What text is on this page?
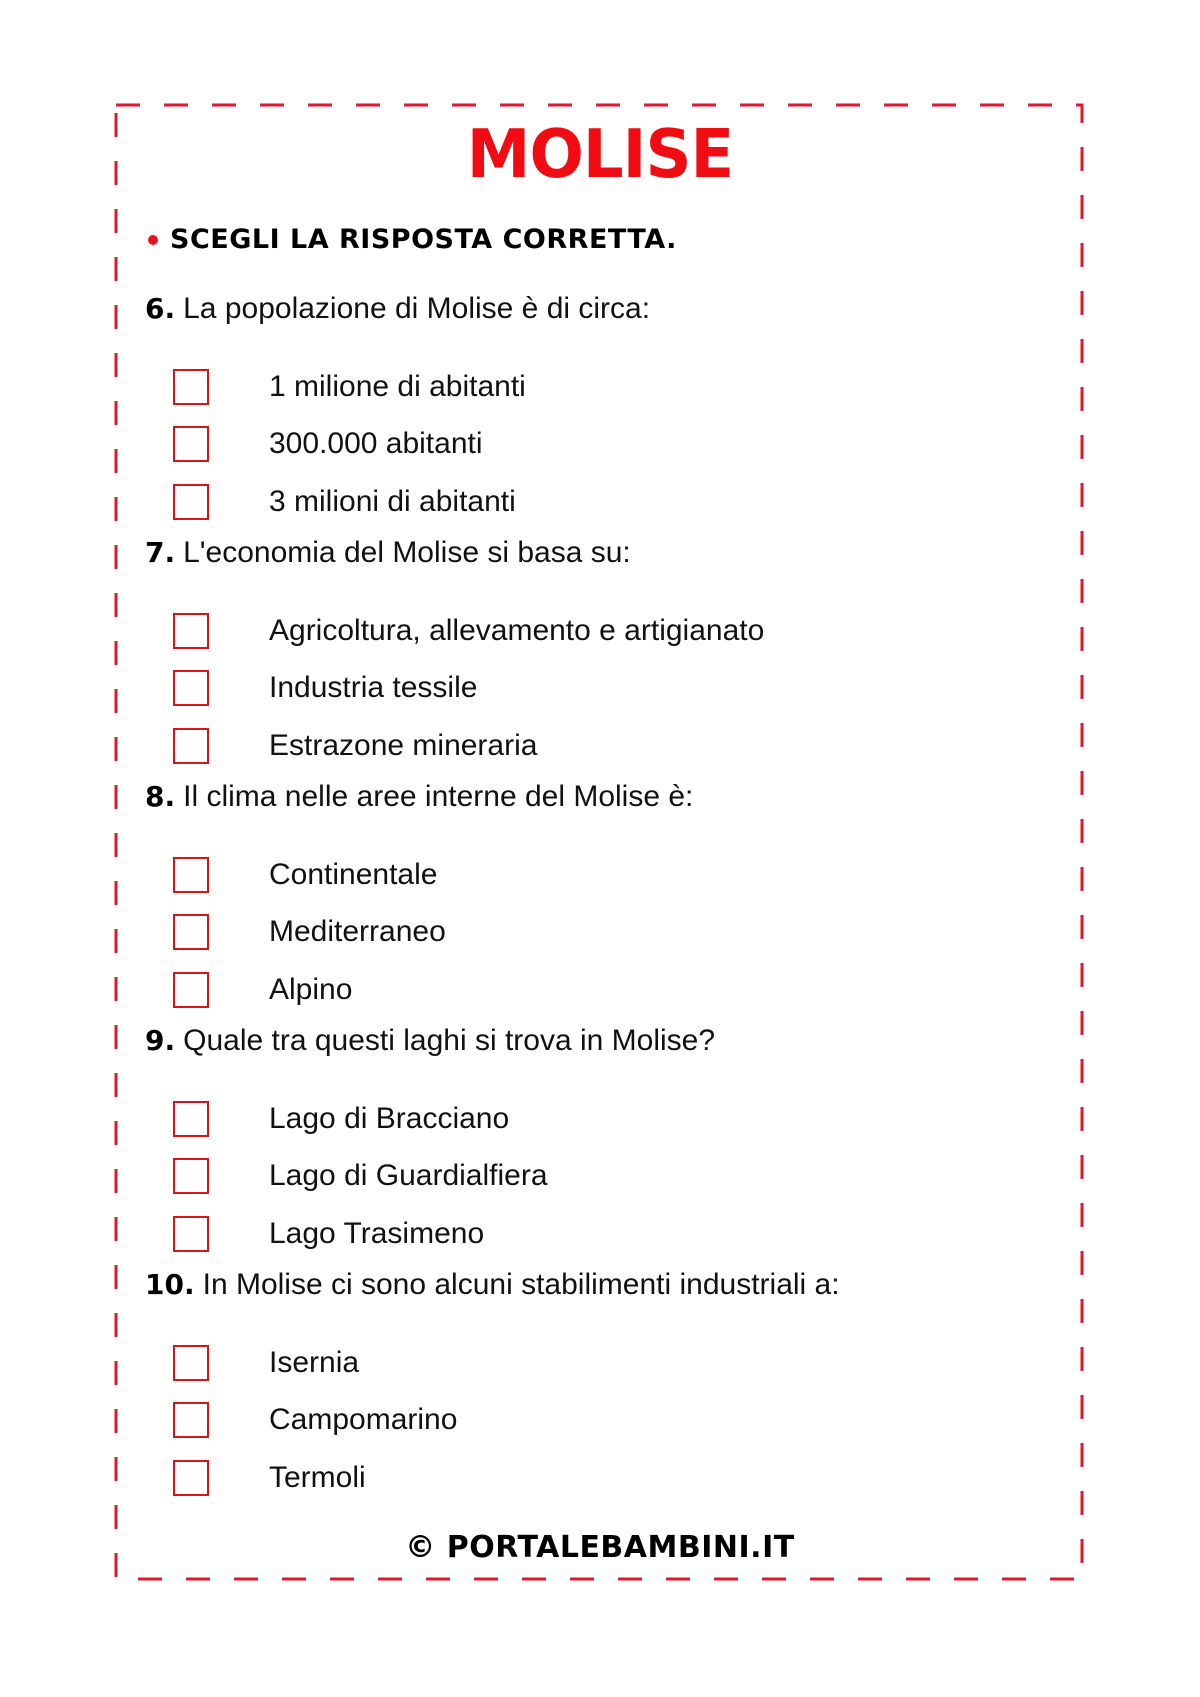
MOLISE
SCEGLI LA RISPOSTA CORRETTA.
6. La popolazione di Molise è di circa:
1 milione di abitanti
300.000 abitanti
3 milioni di abitanti
7. L'economia del Molise si basa su:
Agricoltura, allevamento e artigianato
Industria tessile
Estrazone mineraria
8. Il clima nelle aree interne del Molise è:
Continentale
Mediterraneo
Alpino
9. Quale tra questi laghi si trova in Molise?
Lago di Bracciano
Lago di Guardialfiera
Lago Trasimeno
10. In Molise ci sono alcuni stabilimenti industriali a:
Isernia
Campomarino
Termoli
© PORTALEBAMBINI.IT
